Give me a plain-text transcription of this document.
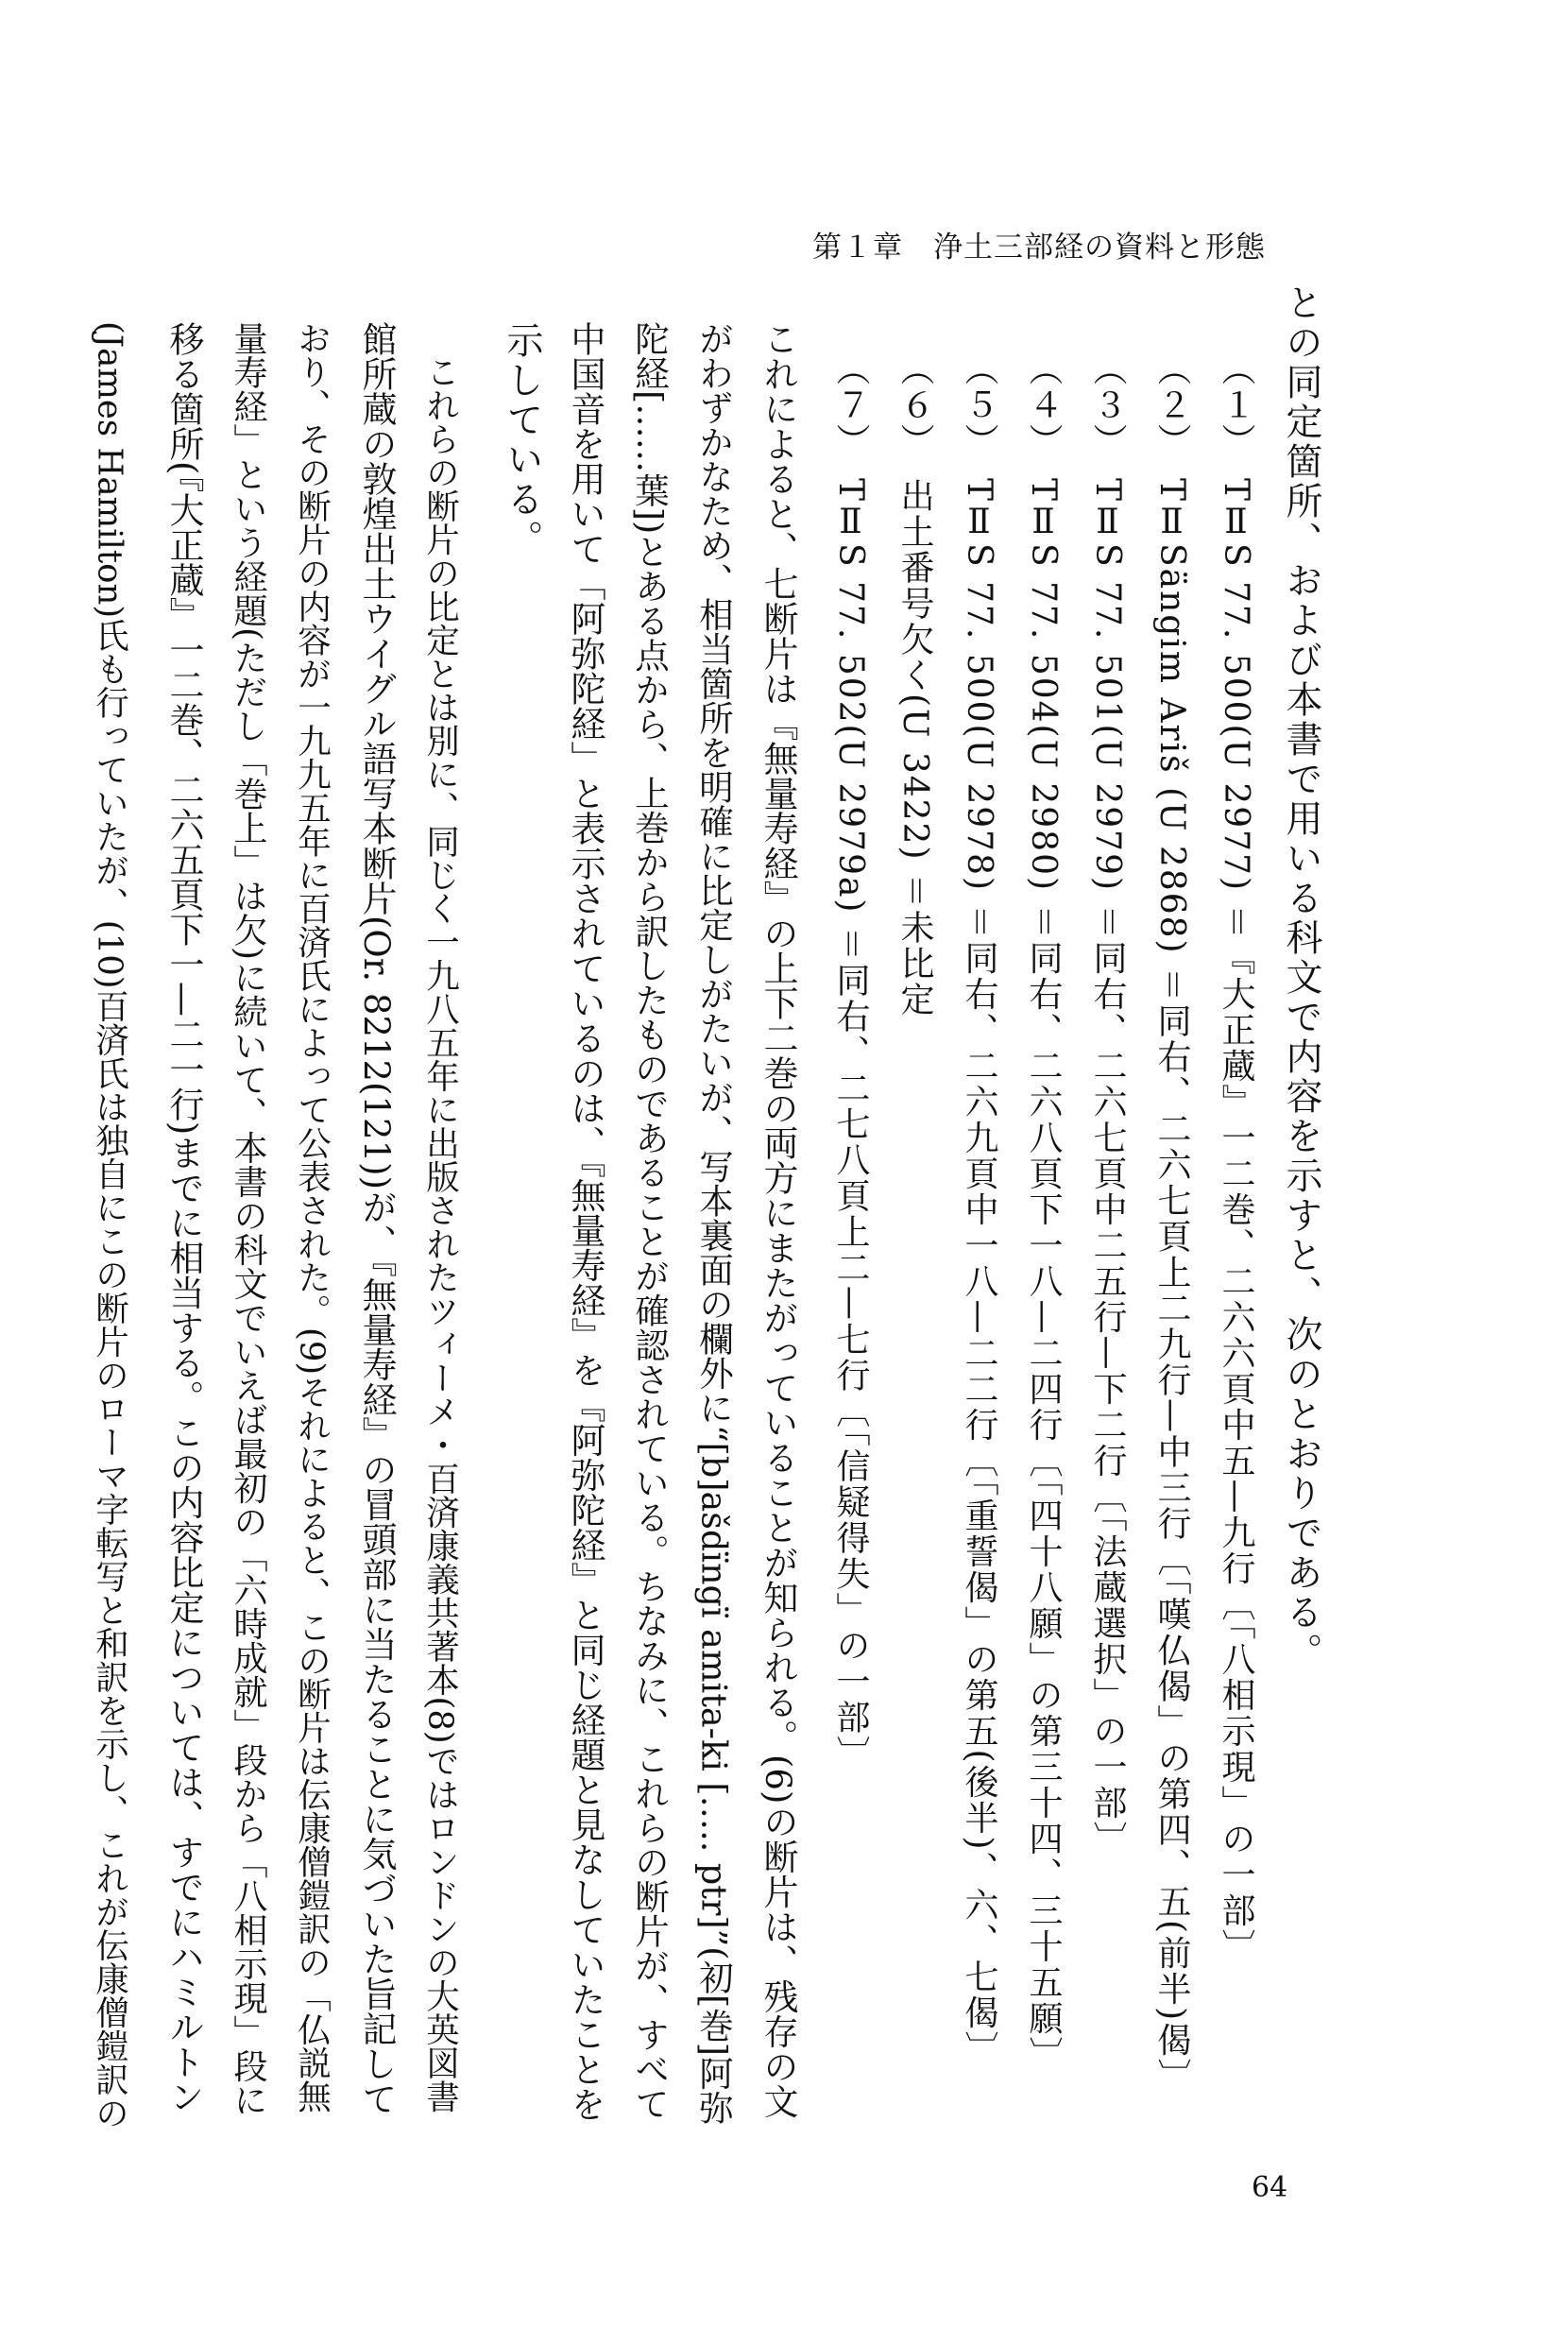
第１章　浄土三部経の資料と形態
との同定箇所、および本書で用いる科文で内容を示すと、次のとおりである。
（１）　TⅡS 77. 500(U 2977) ＝『大正蔵』一二巻、二六六頁中五—九行〔「八相示現」の一部〕
（２）　TⅡSängim Ariš (U 2868) ＝同右、二六七頁上二九行—中三行〔「嘆仏偈」の第四、五(前半)偈〕
（３）　TⅡS 77. 501(U 2979) ＝同右、二六七頁中二五行—下二行〔「法蔵選択」の一部〕
（４）　TⅡS 77. 504(U 2980) ＝同右、二六八頁下一八—二四行〔「四十八願」の第三十四、三十五願〕
（５）　TⅡS 77. 500(U 2978) ＝同右、二六九頁中一八—二二行〔「重誓偈」の第五(後半)、六、七偈〕
（６）　出土番号欠く(U 3422) ＝未比定
（７）　TⅡS 77. 502(U 2979a) ＝同右、二七八頁上二—七行〔「信疑得失」の一部〕
これによると、七断片は『無量寿経』の上下二巻の両方にまたがっていることが知られる。(6)の断片は、残存の文
がわずかなため、相当箇所を明確に比定しがたいが、写本裏面の欄外に“[b]ašdïngï amita-ki [….. ptr]”(初[巻]阿弥
陀経[……葉])とある点から、上巻から訳したものであることが確認されている。ちなみに、これらの断片が、すべて
中国音を用いて「阿弥陀経」と表示されているのは、『無量寿経』を『阿弥陀経』と同じ経題と見なしていたことを
示している。
　これらの断片の比定とは別に、同じく一九八五年に出版されたツィーメ・百済康義共著本(8)ではロンドンの大英図書
館所蔵の敦煌出土ウイグル語写本断片(Or. 8212(121))が、『無量寿経』の冒頭部に当たることに気づいた旨記して
おり、その断片の内容が一九九五年に百済氏によって公表された。(9)それによると、この断片は伝康僧鎧訳の「仏説無
量寿経」という経題(ただし「巻上」は欠)に続いて、本書の科文でいえば最初の「六時成就」段から「八相示現」段に
移る箇所(『大正蔵』一二巻、二六五頁下一—二一行)までに相当する。この内容比定については、すでにハミルトン
(James Hamilton)氏も行っていたが、(10)百済氏は独自にこの断片のローマ字転写と和訳を示し、これが伝康僧鎧訳の
64
